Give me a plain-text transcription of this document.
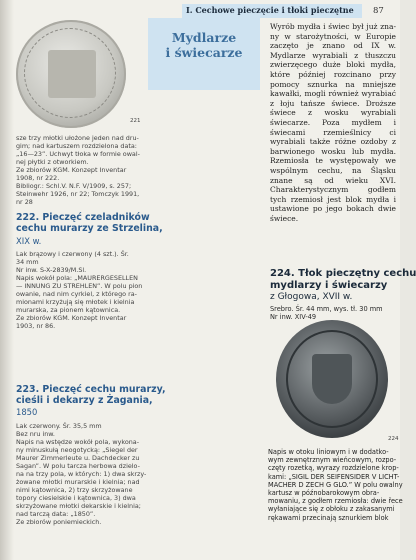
I. Cechowe pieczęcie i tłoki pieczętne 87
221
Mydlarze
i świecarze
sze trzy młotki ułożone jeden nad dru-
gim; nad kartuszem rozdzielona data:
„16—23”. Uchwyt tłoka w formie owal-
nej płytki z otworkiem.
Ze zbiorów KGM. Konzept Inventar
1908, nr 222.
Bibliogr.: Schl.V. N.F. V/1909, s. 257;
Steinwehr 1926, nr 22; Tomczyk 1991,
nr 28
222. Pieczęć czeladników
cechu murarzy ze Strzelina,
XIX w.
Lak brązowy i czerwony (4 szt.). Śr.
34 mm
Nr inw. S-X-2839/M.Sl.
Napis wokół pola: „MAURERGESELLEN
— INNUNG ZU STREHLEN”. W polu pion
owanie, nad nim cyrkiel, z którego ra-
mionami krzyżują się młotek i kielnia
murarska, za pionem kątownica.
Ze zbiorów KGM. Konzept Inventar
1903, nr 86.
223. Pieczęć cechu murarzy,
cieśli i dekarzy z Żagania,
1850
Lak czerwony. Śr. 35,5 mm
Bez nru inw.
Napis na wstędze wokół pola, wykona-
ny minuskułą neogotycką: „Siegel der
Maurer Zimmerleute u. Dachdecker zu
Sagan”. W polu tarcza herbowa dzielo-
na na trzy pola, w których: 1) dwa skrzy-
żowane młotki murarskie i kielnia; nad
nimi kątownica, 2) trzy skrzyżowane
topory ciesielskie i kątownica, 3) dwa
skrzyżowane młotki dekarskie i kielnia;
nad tarczą data: „1850”.
Ze zbiorów poniemieckich.

Wyrób mydła i świec był już zna-ny w starożytności, w Europie zaczęto je znano od IX w. Mydlarze wyrabiali z tłuszczu zwierzęcego duże bloki mydła, które później rozcinano przy pomocy sznurka na mniejsze kawałki, mogli również wyrabiać z łoju tańsze świece. Droższe świece z wosku wyrabiali świecarze. Poza mydłem i świecami rzemieślnicy ci wyrabiali także różne ozdoby z barwionego wosku lub mydła. Rzemiosła te występowały we wspólnym cechu, na Śląsku znane są od wieku XVI. Charakterystycznym godłem tych rzemiosł jest blok mydła i ustawione po jego bokach dwie świece.

224. Tłok pieczętny cechu
mydlarzy i świecarzy
z Głogowa, XVII w.
Srebro. Śr. 44 mm, wys. tł. 30 mm
Nr inw. XIV-49
224
Napis w otoku liniowym i w dodatko-
wym zewnętrznym wieńcowym, rozpo-
częty rozetką, wyrazy rozdzielone krop-
kami: „SIGIL DER SEIFENSIDER V LICHT-
MACHER D ZECH G GLO.” W polu owalny
kartusz w późnobarokowym obra-
mowaniu, z godłem rzemiosła: dwie řece
wyłaniające się z obłoku z zakasanymi
rękawami przecinają sznurkiem blok
